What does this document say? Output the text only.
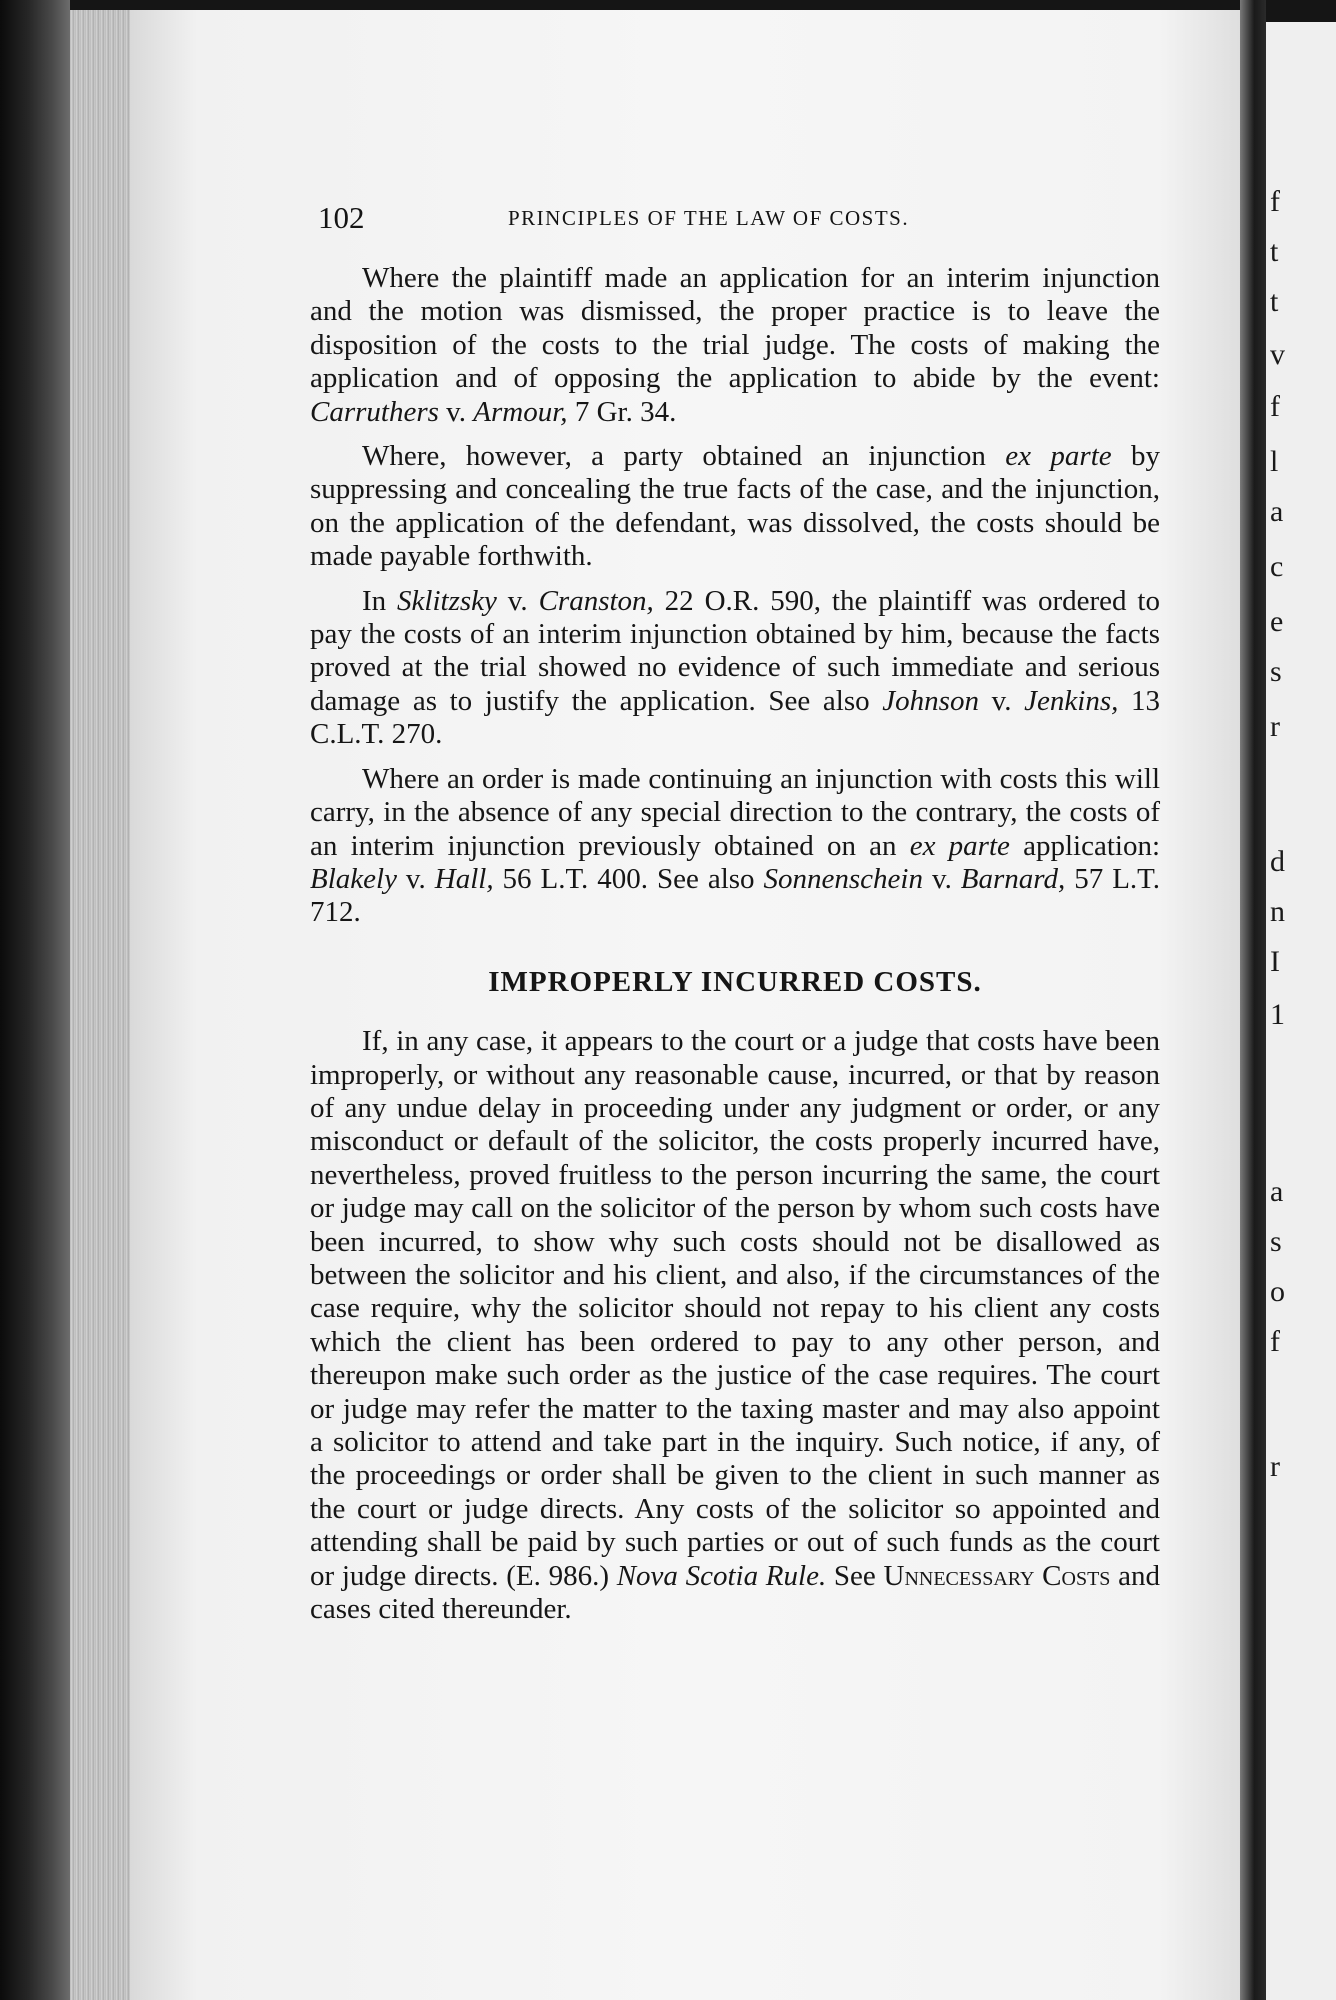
f
t
t
v
f
l
a
c
e
s
r
d
n
I
1
a
s
o
f
r
102	PRINCIPLES OF THE LAW OF COSTS.

Where the plaintiff made an application for an interim injunction and the motion was dismissed, the proper practice is to leave the disposition of the costs to the trial judge. The costs of making the application and of opposing the application to abide by the event: Carruthers v. Armour, 7 Gr. 34.

Where, however, a party obtained an injunction ex parte by suppressing and concealing the true facts of the case, and the injunction, on the application of the defendant, was dissolved, the costs should be made payable forthwith.

In Sklitzsky v. Cranston, 22 O.R. 590, the plaintiff was ordered to pay the costs of an interim injunction obtained by him, because the facts proved at the trial showed no evidence of such immediate and serious damage as to justify the application. See also Johnson v. Jenkins, 13 C.L.T. 270.

Where an order is made continuing an injunction with costs this will carry, in the absence of any special direction to the contrary, the costs of an interim injunction previously obtained on an ex parte application: Blakely v. Hall, 56 L.T. 400. See also Sonnenschein v. Barnard, 57 L.T. 712.

IMPROPERLY INCURRED COSTS.

If, in any case, it appears to the court or a judge that costs have been improperly, or without any reasonable cause, incurred, or that by reason of any undue delay in proceeding under any judgment or order, or any misconduct or default of the solicitor, the costs properly incurred have, nevertheless, proved fruitless to the person incurring the same, the court or judge may call on the solicitor of the person by whom such costs have been incurred, to show why such costs should not be disallowed as between the solicitor and his client, and also, if the circumstances of the case require, why the solicitor should not repay to his client any costs which the client has been ordered to pay to any other person, and thereupon make such order as the justice of the case requires. The court or judge may refer the matter to the taxing master and may also appoint a solicitor to attend and take part in the inquiry. Such notice, if any, of the proceedings or order shall be given to the client in such manner as the court or judge directs. Any costs of the solicitor so appointed and attending shall be paid by such parties or out of such funds as the court or judge directs. (E. 986.) Nova Scotia Rule. See Unnecessary Costs and cases cited thereunder.
